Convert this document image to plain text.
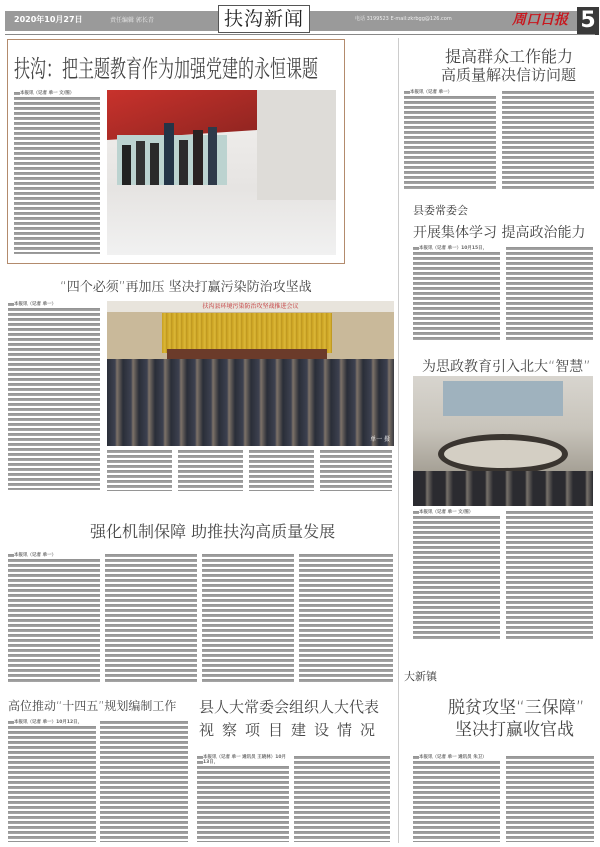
2020年10月27日	责任编辑 郭长青	电话 3199523 E-mail:zkrbgg@126.com
扶沟新闻	周口日报 5
扶沟：把主题教育作为加强党建的永恒课题
本报讯（记者 单一 文/图）
“四个必须”再加压 坚决打赢污染防治攻坚战
本报讯（记者 单一）	扶沟县环境污染防治攻坚战推进会议
单一 摄
强化机制保障 助推扶沟高质量发展
本报讯（记者 单一）
高位推动“十四五”规划编制工作
本报讯（记者 单一）10月12日，
县人大常委会组织人大代表
视察项目建设情况
本报讯（记者 单一 通讯员 王晓林）10月13日，
提高群众工作能力
高质量解决信访问题
本报讯（记者 单一）
县委常委会
开展集体学习 提高政治能力
本报讯（记者 单一）10月15日，
为思政教育引入北大“智慧”
本报讯（记者 单一 文/图）
大新镇
脱贫攻坚“三保障”
坚决打赢收官战
本报讯（记者 单一 通讯员 朱卫）
